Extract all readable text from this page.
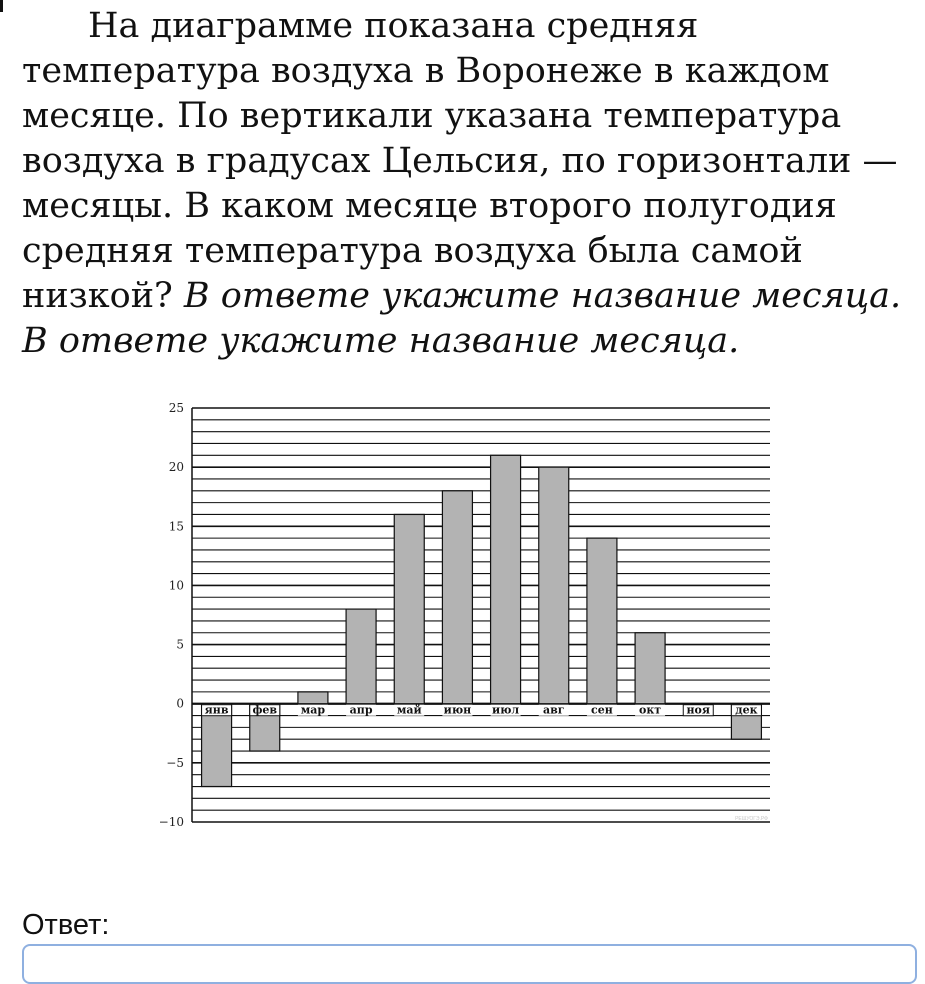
На диаграмме показана средняя температура воздуха в Воронеже в каждом месяце. По вертикали указана температура воздуха в градусах Цельсия, по горизонтали — месяцы. В каком месяце второго полугодия средняя температура воздуха была самой низкой? В ответе укажите название месяца. В ответе укажите название месяца.

25
20
15
10
5
0
−5
−10
янв фев мар апр май июн июл авг сен окт ноя дек
РЕШУОГЭ.РФ
Ответ:
